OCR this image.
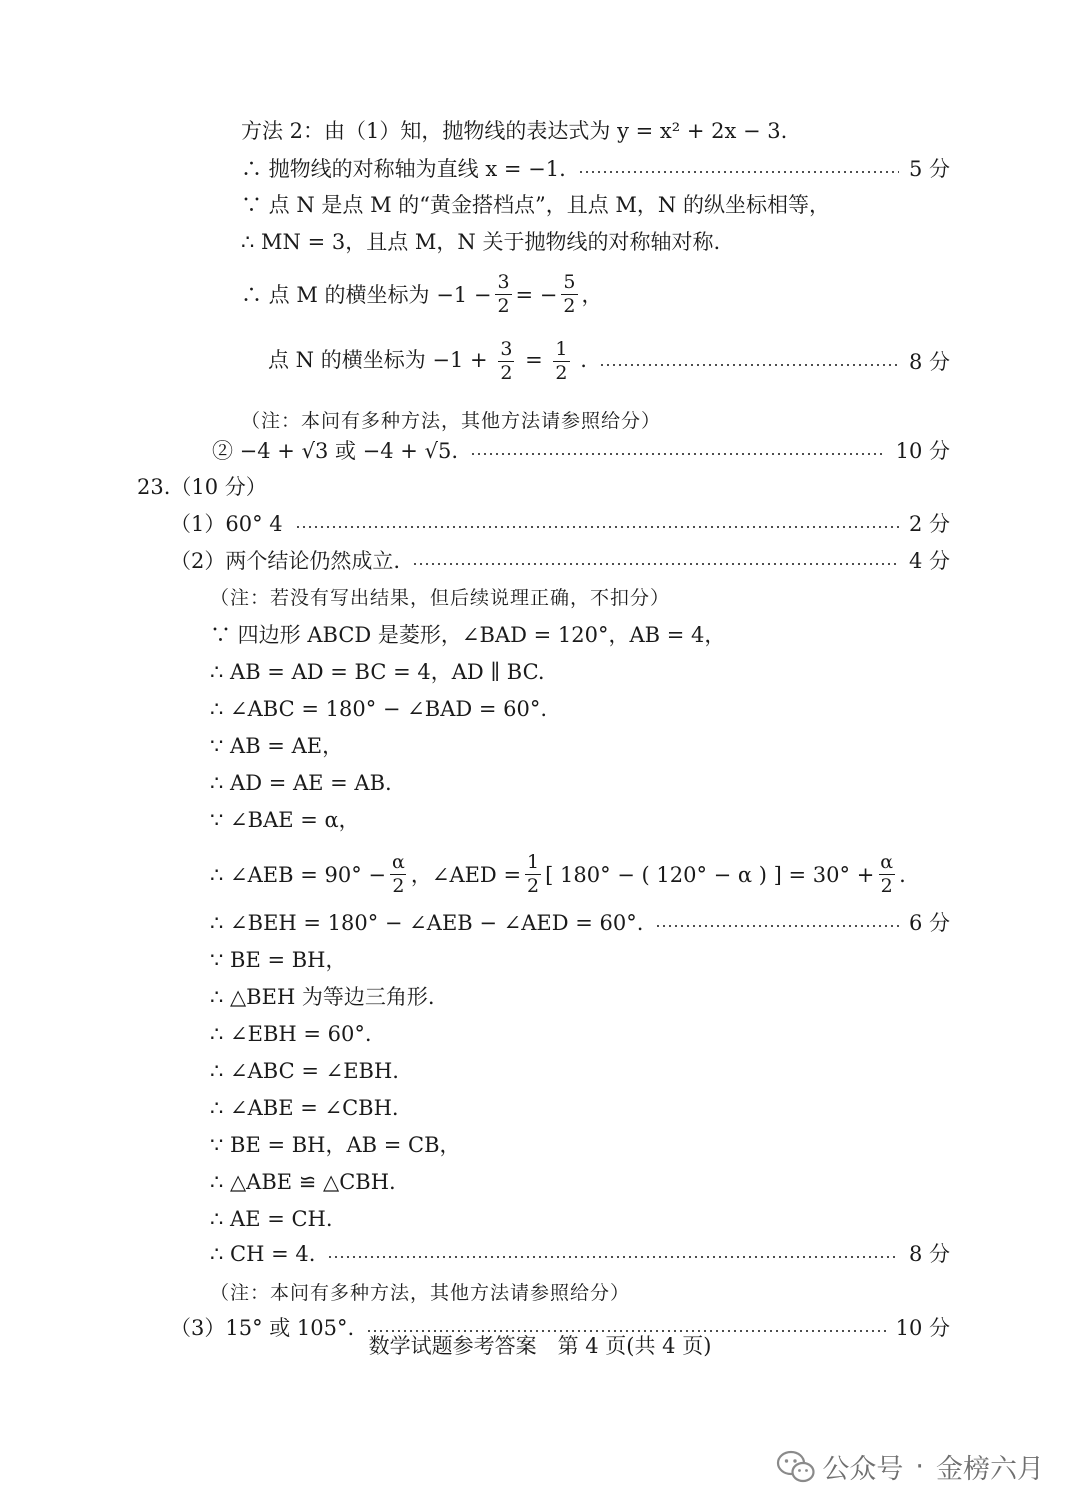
方法 2：由（1）知，抛物线的表达式为 y = x² + 2x − 3.
∴ 抛物线的对称轴为直线 x = −1.	5 分
∵ 点 N 是点 M 的“黄金搭档点”，且点 M，N 的纵坐标相等，
∴ MN = 3，且点 M，N 关于抛物线的对称轴对称.
（注：本问有多种方法，其他方法请参照给分）
② −4 + √3 或 −4 + √5.	10 分
23.（10 分）
（1）60° 4	2 分
（2）两个结论仍然成立.	4 分
（注：若没有写出结果，但后续说理正确，不扣分）
∵ 四边形 ABCD 是菱形，∠BAD = 120°，AB = 4，
∴ AB = AD = BC = 4，AD ∥ BC.
∴ ∠ABC = 180° − ∠BAD = 60°.
∵ AB = AE，
∴ AD = AE = AB.
∵ ∠BAE = α，
∴ ∠BEH = 180° − ∠AEB − ∠AED = 60°.	6 分
∵ BE = BH，
∴ △BEH 为等边三角形.
∴ ∠EBH = 60°.
∴ ∠ABC = ∠EBH.
∴ ∠ABE = ∠CBH.
∵ BE = BH，AB = CB，
∴ △ABE ≌ △CBH.
∴ AE = CH.
∴ CH = 4.	8 分
（注：本问有多种方法，其他方法请参照给分）
（3）15° 或 105°.	10 分
∴ 点 M 的横坐标为 $-1 - \frac{3}{2}$ = − $\frac{5}{2}$ ，
点 N 的横坐标为 $-1 + \frac{3}{2} = \frac{1}{2}$ .	8 分
∴ ∠AEB = $90^\circ - \frac{\alpha}{2}$ ，∠AED = $\frac{1}{2}$ [ 180° − ( 120° − α ) ] = $30^\circ + \frac{\alpha}{2}$ .
数学试题参考答案　第 4 页(共 4 页)
公众号 · 金榜六月
